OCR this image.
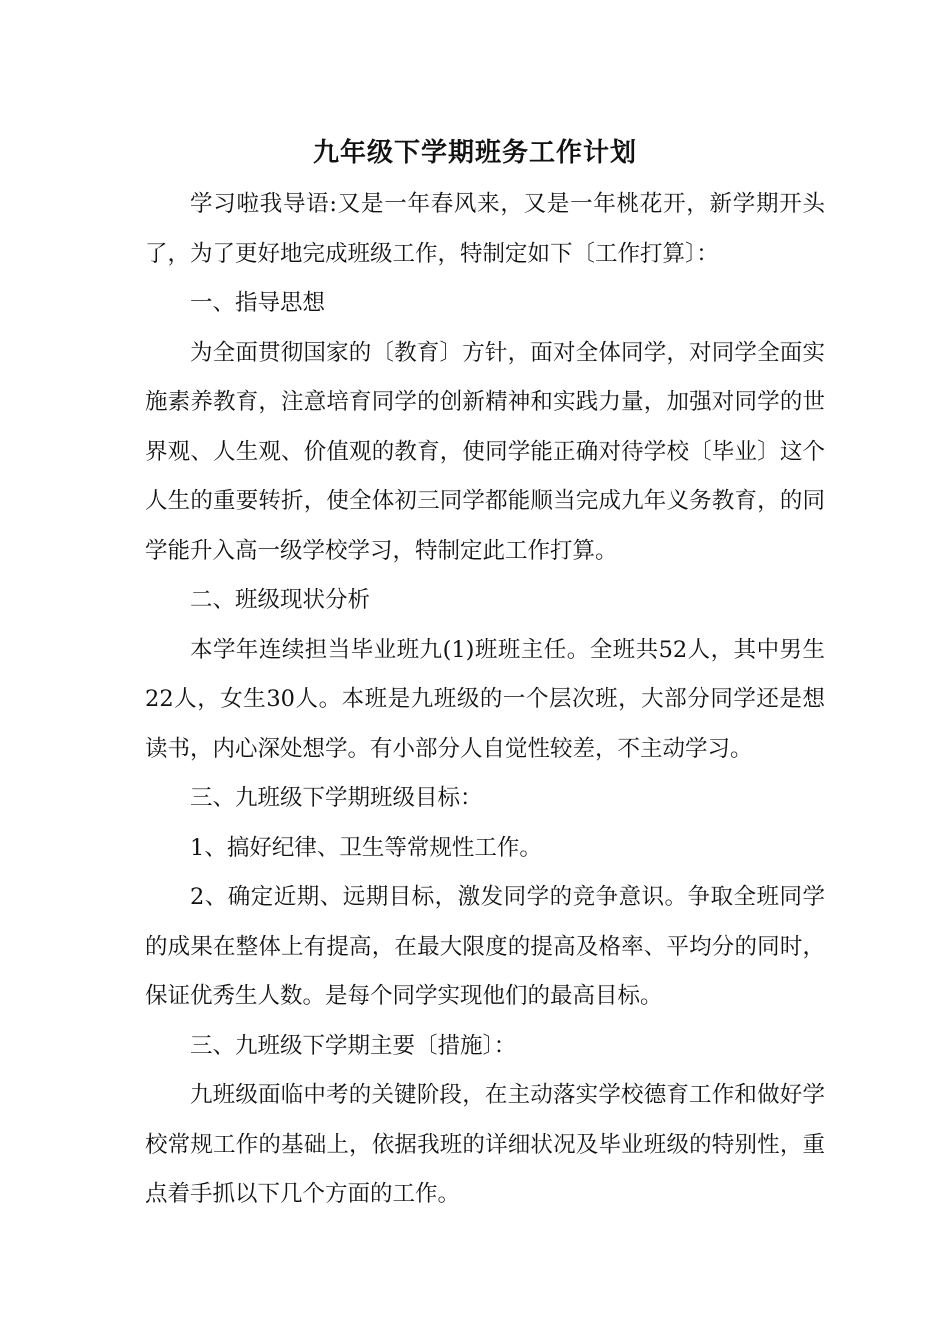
九年级下学期班务工作计划

学习啦我导语:又是一年春风来，又是一年桃花开，新学期开头了，为了更好地完成班级工作，特制定如下〔工作打算〕：

一、指导思想

为全面贯彻国家的〔教育〕方针，面对全体同学，对同学全面实施素养教育，注意培育同学的创新精神和实践力量，加强对同学的世界观、人生观、价值观的教育，使同学能正确对待学校〔毕业〕这个人生的重要转折，使全体初三同学都能顺当完成九年义务教育，的同学能升入高一级学校学习，特制定此工作打算。

二、班级现状分析

本学年连续担当毕业班九(1)班班主任。全班共52人，其中男生22人，女生30人。本班是九班级的一个层次班，大部分同学还是想读书，内心深处想学。有小部分人自觉性较差，不主动学习。

三、九班级下学期班级目标：

1、搞好纪律、卫生等常规性工作。

2、确定近期、远期目标，激发同学的竞争意识。争取全班同学的成果在整体上有提高，在最大限度的提高及格率、平均分的同时，保证优秀生人数。是每个同学实现他们的最高目标。

三、九班级下学期主要〔措施〕：

九班级面临中考的关键阶段，在主动落实学校德育工作和做好学校常规工作的基础上，依据我班的详细状况及毕业班级的特别性，重点着手抓以下几个方面的工作。
